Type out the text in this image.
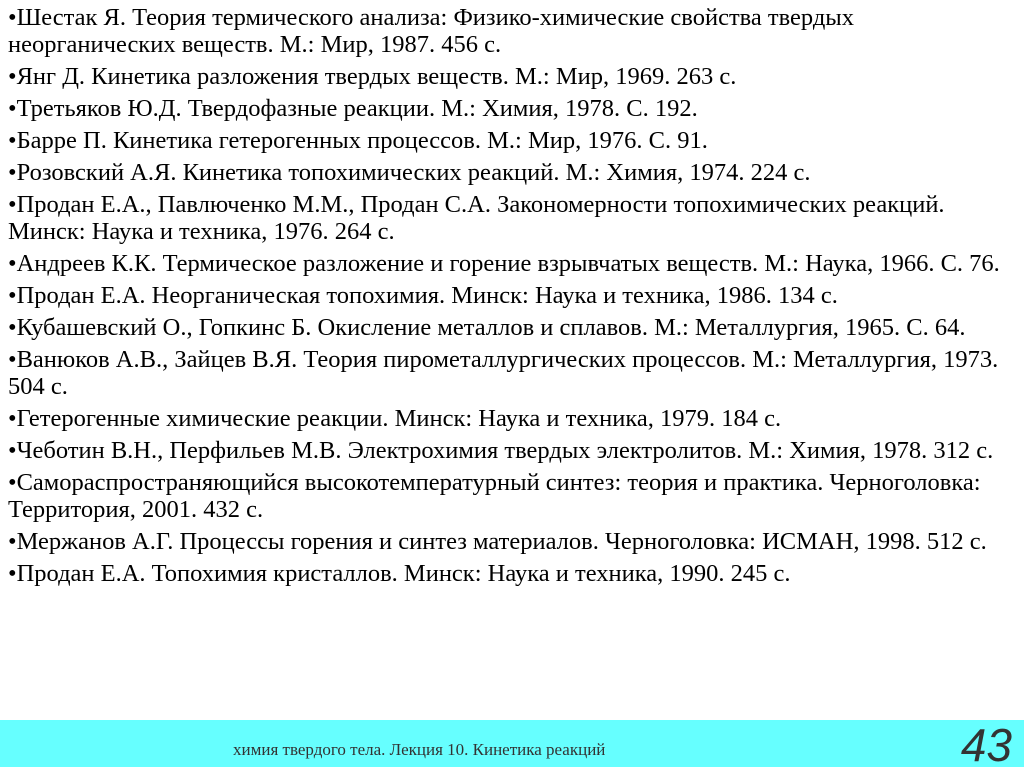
•Шестак Я. Теория термического анализа: Физико-химические свойства твердых неорганических веществ. М.: Мир, 1987. 456 с.
•Янг Д. Кинетика разложения твердых веществ. М.: Мир, 1969. 263 с.
•Третьяков Ю.Д. Твердофазные реакции. М.: Химия, 1978. С. 192.
•Барре П. Кинетика гетерогенных процессов. М.: Мир, 1976. С. 91.
•Розовский А.Я. Кинетика топохимических реакций. М.: Химия, 1974. 224 с.
•Продан Е.А., Павлюченко М.М., Продан С.А. Закономерности топохимических реакций. Минск: Наука и техника, 1976. 264 с.
•Андреев К.К. Термическое разложение и горение взрывчатых веществ. М.: Наука, 1966. С. 76.
•Продан Е.А. Неорганическая топохимия. Минск: Наука и техника, 1986. 134 с.
•Кубашевский О., Гопкинс Б. Окисление металлов и сплавов. М.: Металлургия, 1965. С. 64.
•Ванюков А.В., Зайцев В.Я. Теория пирометаллургических процессов. М.: Металлургия, 1973. 504 с.
•Гетерогенные химические реакции. Минск: Наука и техника, 1979. 184 с.
•Чеботин В.Н., Перфильев М.В. Электрохимия твердых электролитов. М.: Химия, 1978. 312 с.
•Самораспространяющийся высокотемпературный синтез: теория и практика. Черноголовка: Территория, 2001. 432 с.
•Мержанов А.Г. Процессы горения и синтез материалов. Черноголовка: ИСМАН, 1998. 512 с.
•Продан Е.А. Топохимия кристаллов. Минск: Наука и техника, 1990. 245 с.
химия твердого тела. Лекция 10. Кинетика реакций	43
